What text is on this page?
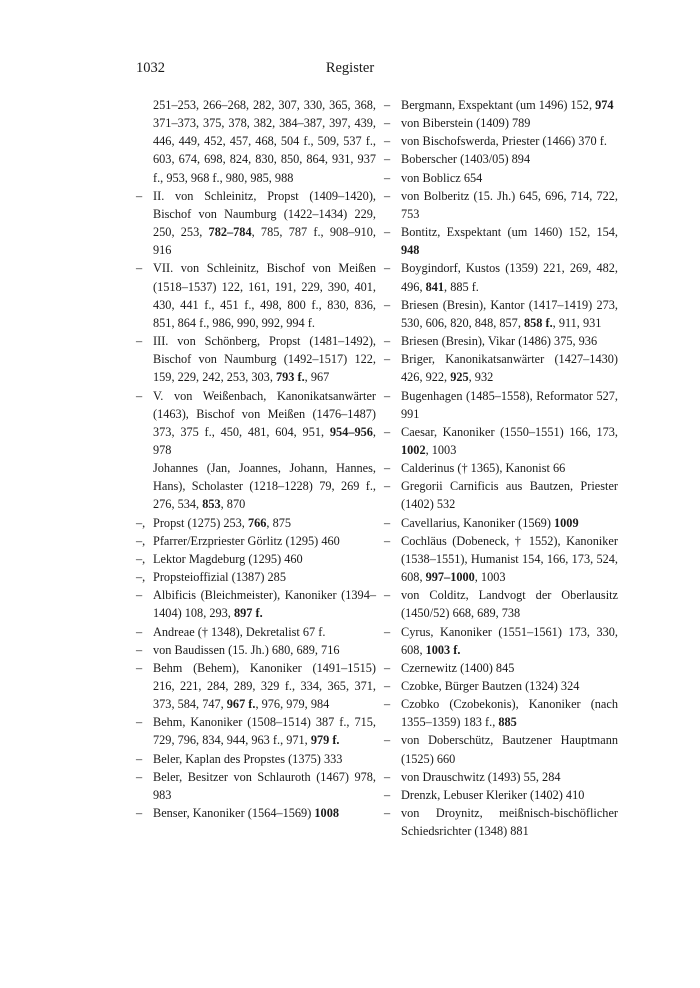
1032	Register
251–253, 266–268, 282, 307, 330, 365, 368, 371–373, 375, 378, 382, 384–387, 397, 439, 446, 449, 452, 457, 468, 504 f., 509, 537 f., 603, 674, 698, 824, 830, 850, 864, 931, 937 f., 953, 968 f., 980, 985, 988
– II. von Schleinitz, Propst (1409–1420), Bischof von Naumburg (1422–1434) 229, 250, 253, 782–784, 785, 787 f., 908–910, 916
– VII. von Schleinitz, Bischof von Meißen (1518–1537) 122, 161, 191, 229, 390, 401, 430, 441 f., 451 f., 498, 800 f., 830, 836, 851, 864 f., 986, 990, 992, 994 f.
– III. von Schönberg, Propst (1481–1492), Bischof von Naumburg (1492–1517) 122, 159, 229, 242, 253, 303, 793 f., 967
– V. von Weißenbach, Kanonikatsanwärter (1463), Bischof von Meißen (1476–1487) 373, 375 f., 450, 481, 604, 951, 954–956, 978
Johannes (Jan, Joannes, Johann, Hannes, Hans), Scholaster (1218–1228) 79, 269 f., 276, 534, 853, 870
–, Propst (1275) 253, 766, 875
–, Pfarrer/Erzpriester Görlitz (1295) 460
–, Lektor Magdeburg (1295) 460
–, Propsteioffizial (1387) 285
– Albificis (Bleichmeister), Kanoniker (1394–1404) 108, 293, 897 f.
– Andreae († 1348), Dekretalist 67 f.
– von Baudissen (15. Jh.) 680, 689, 716
– Behm (Behem), Kanoniker (1491–1515) 216, 221, 284, 289, 329 f., 334, 365, 371, 373, 584, 747, 967 f., 976, 979, 984
– Behm, Kanoniker (1508–1514) 387 f., 715, 729, 796, 834, 944, 963 f., 971, 979 f.
– Beler, Kaplan des Propstes (1375) 333
– Beler, Besitzer von Schlauroth (1467) 978, 983
– Benser, Kanoniker (1564–1569) 1008
– Bergmann, Exspektant (um 1496) 152, 974
– von Biberstein (1409) 789
– von Bischofswerda, Priester (1466) 370 f.
– Boberscher (1403/05) 894
– von Boblicz 654
– von Bolberitz (15. Jh.) 645, 696, 714, 722, 753
– Bontitz, Exspektant (um 1460) 152, 154, 948
– Boygindorf, Kustos (1359) 221, 269, 482, 496, 841, 885 f.
– Briesen (Bresin), Kantor (1417–1419) 273, 530, 606, 820, 848, 857, 858 f., 911, 931
– Briesen (Bresin), Vikar (1486) 375, 936
– Briger, Kanonikatsanwärter (1427–1430) 426, 922, 925, 932
– Bugenhagen (1485–1558), Reformator 527, 991
– Caesar, Kanoniker (1550–1551) 166, 173, 1002, 1003
– Calderinus († 1365), Kanonist 66
– Gregorii Carnificis aus Bautzen, Priester (1402) 532
– Cavellarius, Kanoniker (1569) 1009
– Cochläus (Dobeneck, † 1552), Kanoniker (1538–1551), Humanist 154, 166, 173, 524, 608, 997–1000, 1003
– von Colditz, Landvogt der Oberlausitz (1450/52) 668, 689, 738
– Cyrus, Kanoniker (1551–1561) 173, 330, 608, 1003 f.
– Czernewitz (1400) 845
– Czobke, Bürger Bautzen (1324) 324
– Czobko (Czobekonis), Kanoniker (nach 1355–1359) 183 f., 885
– von Doberschütz, Bautzener Hauptmann (1525) 660
– von Drauschwitz (1493) 55, 284
– Drenzk, Lebuser Kleriker (1402) 410
– von Droynitz, meißnisch-bischöflicher Schiedsrichter (1348) 881
